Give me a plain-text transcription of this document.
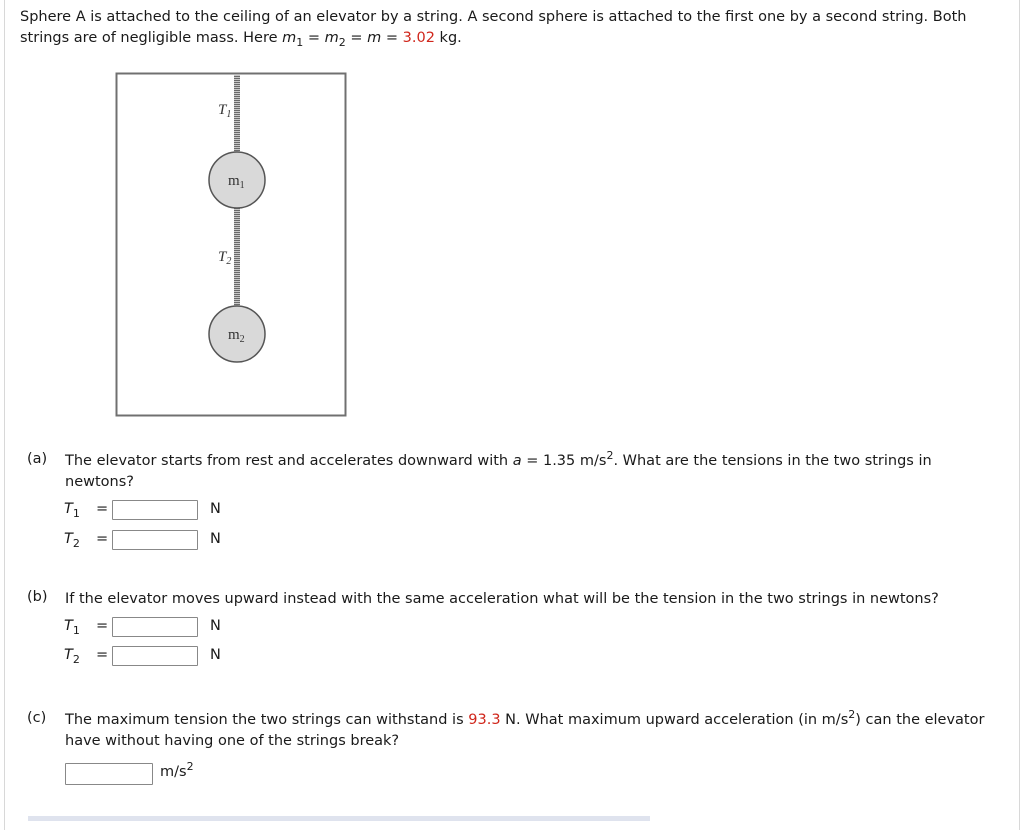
Sphere A is attached to the ceiling of an elevator by a string. A second sphere is attached to the first one by a second string. Both strings are of negligible mass. Here $m_1 = m_2 = m = 3.02$ kg.
$T_1$
$T_2$
$m_1$
$m_2$
(a) The elevator starts from rest and accelerates downward with a = 1.35 $m/s^2$. What are the tensions in the two strings in newtons?
$T_1$	=	N
$T_2$	=	N
(b) If the elevator moves upward instead with the same acceleration what will be the tension in the two strings in newtons?
$T_1$	=	N
$T_2$	=	N
(c) The maximum tension the two strings can withstand is 93.3 N. What maximum upward acceleration (in $m/s^2$) can the elevator have without having one of the strings break?
$m/s^2$
